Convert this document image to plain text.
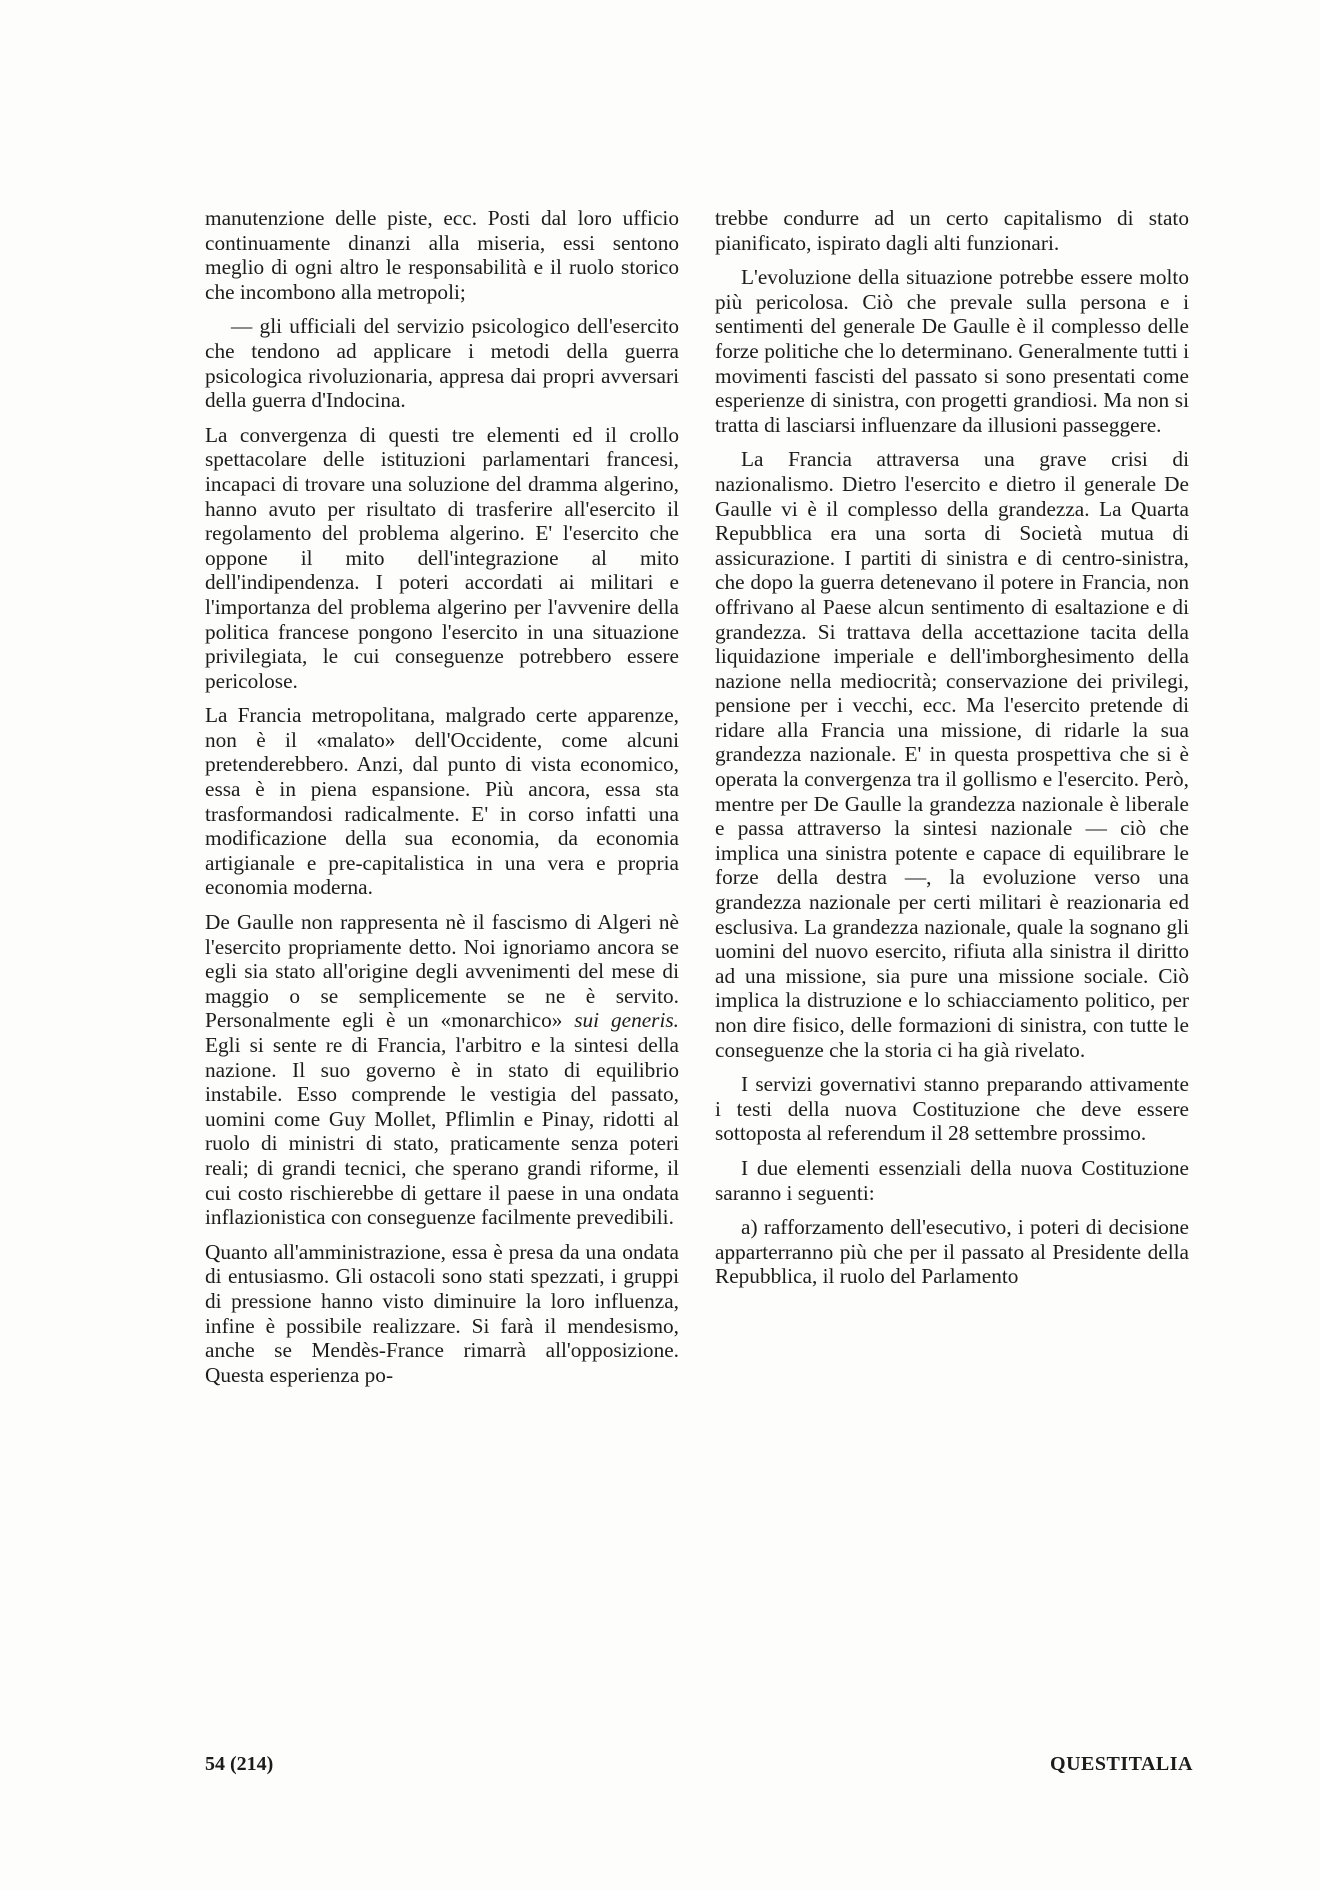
manutenzione delle piste, ecc. Posti dal loro ufficio continuamente dinanzi alla miseria, essi sentono meglio di ogni altro le responsabilità e il ruolo storico che incombono alla metropoli;

— gli ufficiali del servizio psicologico dell'esercito che tendono ad applicare i metodi della guerra psicologica rivoluzionaria, appresa dai propri avversari della guerra d'Indocina.

La convergenza di questi tre elementi ed il crollo spettacolare delle istituzioni parlamentari francesi, incapaci di trovare una soluzione del dramma algerino, hanno avuto per risultato di trasferire all'esercito il regolamento del problema algerino. E' l'esercito che oppone il mito dell'integrazione al mito dell'indipendenza. I poteri accordati ai militari e l'importanza del problema algerino per l'avvenire della politica francese pongono l'esercito in una situazione privilegiata, le cui conseguenze potrebbero essere pericolose.

La Francia metropolitana, malgrado certe apparenze, non è il «malato» dell'Occidente, come alcuni pretenderebbero. Anzi, dal punto di vista economico, essa è in piena espansione. Più ancora, essa sta trasformandosi radicalmente. E' in corso infatti una modificazione della sua economia, da economia artigianale e pre-capitalistica in una vera e propria economia moderna.

De Gaulle non rappresenta nè il fascismo di Algeri nè l'esercito propriamente detto. Noi ignoriamo ancora se egli sia stato all'origine degli avvenimenti del mese di maggio o se semplicemente se ne è servito. Personalmente egli è un «monarchico» sui generis. Egli si sente re di Francia, l'arbitro e la sintesi della nazione. Il suo governo è in stato di equilibrio instabile. Esso comprende le vestigia del passato, uomini come Guy Mollet, Pflimlin e Pinay, ridotti al ruolo di ministri di stato, praticamente senza poteri reali; di grandi tecnici, che sperano grandi riforme, il cui costo rischierebbe di gettare il paese in una ondata inflazionistica con conseguenze facilmente prevedibili.

Quanto all'amministrazione, essa è presa da una ondata di entusiasmo. Gli ostacoli sono stati spezzati, i gruppi di pressione hanno visto diminuire la loro influenza, infine è possibile realizzare. Si farà il mendesismo, anche se Mendès-France rimarrà all'opposizione. Questa esperienza po-

trebbe condurre ad un certo capitalismo di stato pianificato, ispirato dagli alti funzionari.

L'evoluzione della situazione potrebbe essere molto più pericolosa. Ciò che prevale sulla persona e i sentimenti del generale De Gaulle è il complesso delle forze politiche che lo determinano. Generalmente tutti i movimenti fascisti del passato si sono presentati come esperienze di sinistra, con progetti grandiosi. Ma non si tratta di lasciarsi influenzare da illusioni passeggere.

La Francia attraversa una grave crisi di nazionalismo. Dietro l'esercito e dietro il generale De Gaulle vi è il complesso della grandezza. La Quarta Repubblica era una sorta di Società mutua di assicurazione. I partiti di sinistra e di centro-sinistra, che dopo la guerra detenevano il potere in Francia, non offrivano al Paese alcun sentimento di esaltazione e di grandezza. Si trattava della accettazione tacita della liquidazione imperiale e dell'imborghesimento della nazione nella mediocrità; conservazione dei privilegi, pensione per i vecchi, ecc. Ma l'esercito pretende di ridare alla Francia una missione, di ridarle la sua grandezza nazionale. E' in questa prospettiva che si è operata la convergenza tra il gollismo e l'esercito. Però, mentre per De Gaulle la grandezza nazionale è liberale e passa attraverso la sintesi nazionale — ciò che implica una sinistra potente e capace di equilibrare le forze della destra —, la evoluzione verso una grandezza nazionale per certi militari è reazionaria ed esclusiva. La grandezza nazionale, quale la sognano gli uomini del nuovo esercito, rifiuta alla sinistra il diritto ad una missione, sia pure una missione sociale. Ciò implica la distruzione e lo schiacciamento politico, per non dire fisico, delle formazioni di sinistra, con tutte le conseguenze che la storia ci ha già rivelato.

I servizi governativi stanno preparando attivamente i testi della nuova Costituzione che deve essere sottoposta al referendum il 28 settembre prossimo.

I due elementi essenziali della nuova Costituzione saranno i seguenti:

a) rafforzamento dell'esecutivo, i poteri di decisione apparterranno più che per il passato al Presidente della Repubblica, il ruolo del Parlamento

54 (214)	QUESTITALIA
